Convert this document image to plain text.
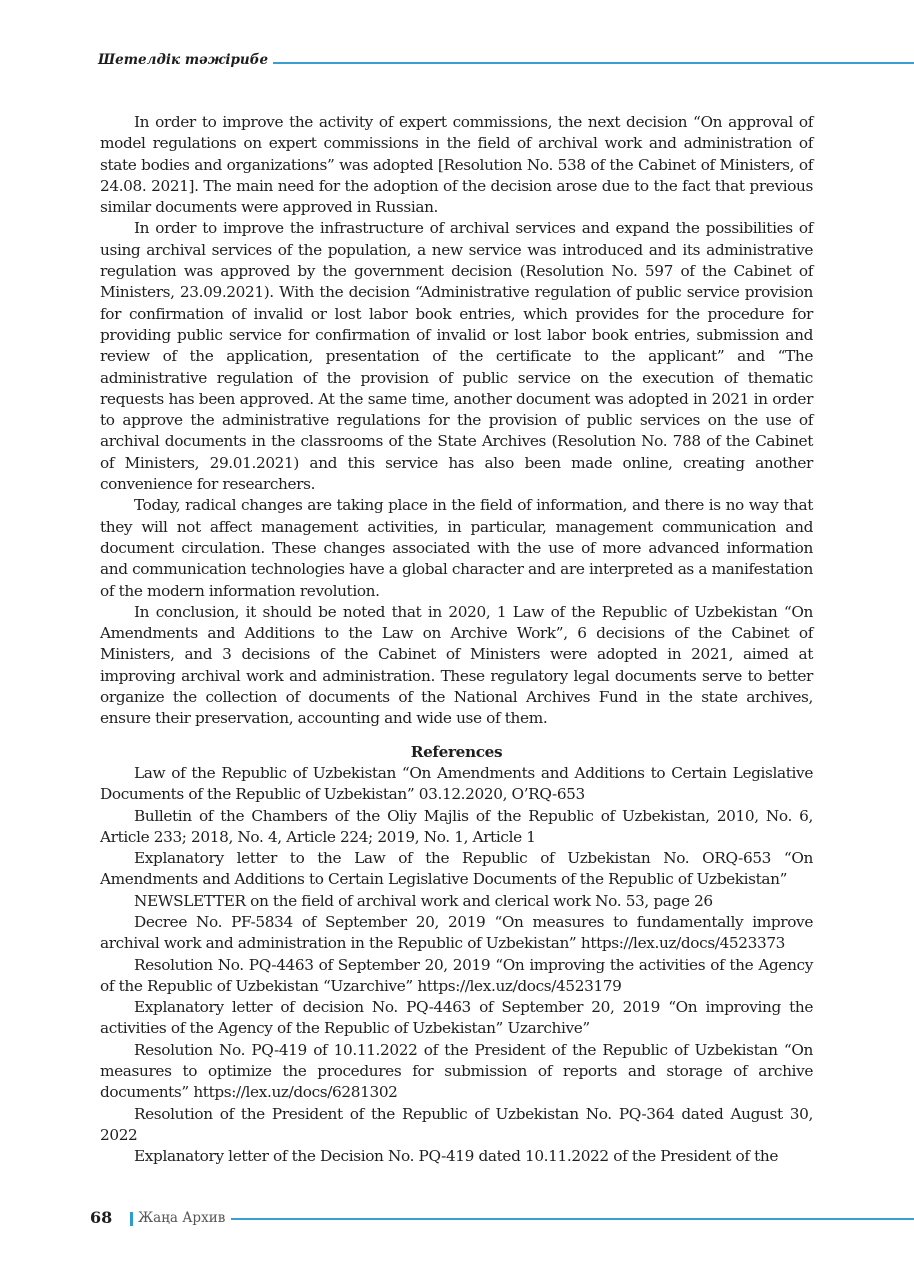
Шетелдік тәжірибе

In order to improve the activity of expert commissions, the next decision “On approval of model regulations on expert commissions in the field of archival work and administration of state bodies and organizations” was adopted [Resolution No. 538 of the Cabinet of Ministers, of 24.08. 2021]. The main need for the adoption of the decision arose due to the fact that previous similar documents were approved in Russian.

In order to improve the infrastructure of archival services and expand the possibilities of using archival services of the population, a new service was introduced and its administrative regulation was approved by the government decision (Resolution No. 597 of the Cabinet of Ministers, 23.09.2021). With the decision “Administrative regulation of public service provision for confirmation of invalid or lost labor book entries, which provides for the procedure for providing public service for confirmation of invalid or lost labor book entries, submission and review of the application, presentation of the certificate to the applicant” and “The administrative regulation of the provision of public service on the execution of thematic requests has been approved. At the same time, another document was adopted in 2021 in order to approve the administrative regulations for the provision of public services on the use of archival documents in the classrooms of the State Archives (Resolution No. 788 of the Cabinet of Ministers, 29.01.2021) and this service has also been made online, creating another convenience for researchers.

Today, radical changes are taking place in the field of information, and there is no way that they will not affect management activities, in particular, management communication and document circulation. These changes associated with the use of more advanced information and communication technologies have a global character and are interpreted as a manifestation of the modern information revolution.

In conclusion, it should be noted that in 2020, 1 Law of the Republic of Uzbekistan “On Amendments and Additions to the Law on Archive Work”, 6 decisions of the Cabinet of Ministers, and 3 decisions of the Cabinet of Ministers were adopted in 2021, aimed at improving archival work and administration. These regulatory legal documents serve to better organize the collection of documents of the National Archives Fund in the state archives, ensure their preservation, accounting and wide use of them.

References

Law of the Republic of Uzbekistan “On Amendments and Additions to Certain Legislative Documents of the Republic of Uzbekistan” 03.12.2020, O’RQ-653

Bulletin of the Chambers of the Oliy Majlis of the Republic of Uzbekistan, 2010, No. 6, Article 233; 2018, No. 4, Article 224; 2019, No. 1, Article 1

Explanatory letter to the Law of the Republic of Uzbekistan No. ORQ-653 “On Amendments and Additions to Certain Legislative Documents of the Republic of Uzbekistan”

NEWSLETTER on the field of archival work and clerical work No. 53, page 26

Decree No. PF-5834 of September 20, 2019 “On measures to fundamentally improve archival work and administration in the Republic of Uzbekistan” https://lex.uz/docs/4523373

Resolution No. PQ-4463 of September 20, 2019 “On improving the activities of the Agency of the Republic of Uzbekistan “Uzarchive” https://lex.uz/docs/4523179

Explanatory letter of decision No. PQ-4463 of September 20, 2019 “On improving the activities of the Agency of the Republic of Uzbekistan” Uzarchive”

Resolution No. PQ-419 of 10.11.2022 of the President of the Republic of Uzbekistan “On measures to optimize the procedures for submission of reports and storage of archive documents” https://lex.uz/docs/6281302

Resolution of the President of the Republic of Uzbekistan No. PQ-364 dated August 30, 2022

Explanatory letter of the Decision No. PQ-419 dated 10.11.2022 of the President of the

68 Жаңа Архив
